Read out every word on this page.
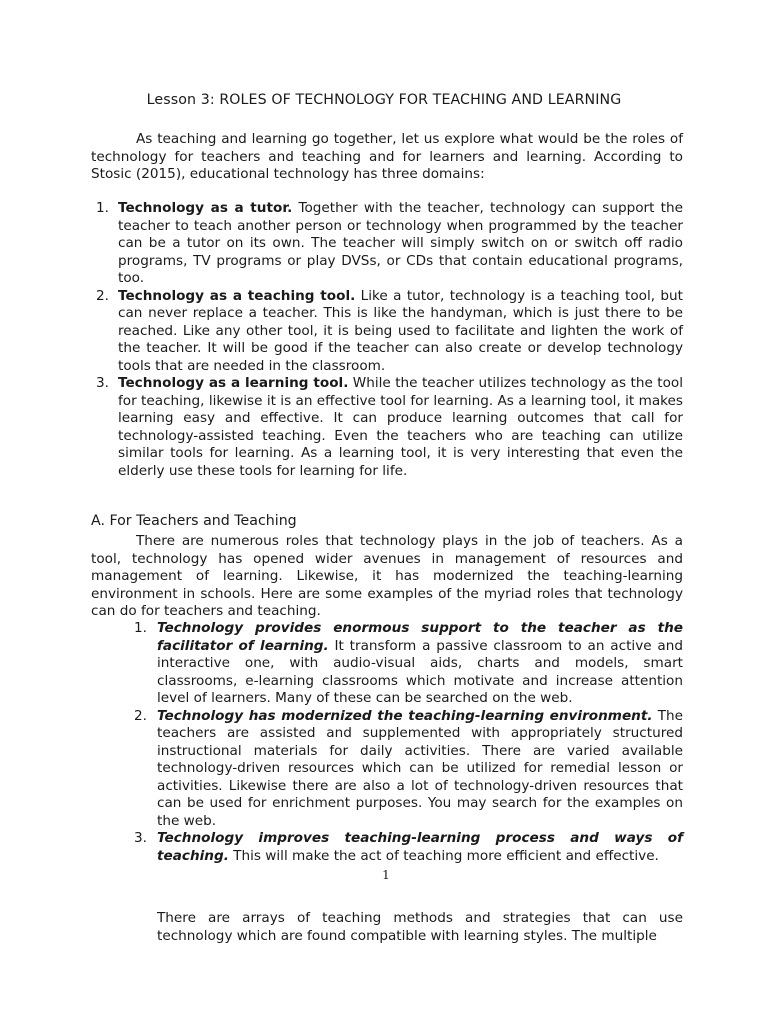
Lesson 3: ROLES OF TECHNOLOGY FOR TEACHING AND LEARNING

As teaching and learning go together, let us explore what would be the roles of technology for teachers and teaching and for learners and learning. According to Stosic (2015), educational technology has three domains:

1. Technology as a tutor. Together with the teacher, technology can support the teacher to teach another person or technology when programmed by the teacher can be a tutor on its own. The teacher will simply switch on or switch off radio programs, TV programs or play DVSs, or CDs that contain educational programs, too.
2. Technology as a teaching tool. Like a tutor, technology is a teaching tool, but can never replace a teacher. This is like the handyman, which is just there to be reached. Like any other tool, it is being used to facilitate and lighten the work of the teacher. It will be good if the teacher can also create or develop technology tools that are needed in the classroom.
3. Technology as a learning tool. While the teacher utilizes technology as the tool for teaching, likewise it is an effective tool for learning. As a learning tool, it makes learning easy and effective. It can produce learning outcomes that call for technology-assisted teaching. Even the teachers who are teaching can utilize similar tools for learning. As a learning tool, it is very interesting that even the elderly use these tools for learning for life.
A. For Teachers and Teaching

There are numerous roles that technology plays in the job of teachers. As a tool, technology has opened wider avenues in management of resources and management of learning. Likewise, it has modernized the teaching-learning environment in schools. Here are some examples of the myriad roles that technology can do for teachers and teaching.

1. Technology provides enormous support to the teacher as the facilitator of learning. It transform a passive classroom to an active and interactive one, with audio-visual aids, charts and models, smart classrooms, e-learning classrooms which motivate and increase attention level of learners. Many of these can be searched on the web.
2. Technology has modernized the teaching-learning environment. The teachers are assisted and supplemented with appropriately structured instructional materials for daily activities. There are varied available technology-driven resources which can be utilized for remedial lesson or activities. Likewise there are also a lot of technology-driven resources that can be used for enrichment purposes. You may search for the examples on the web.
3. Technology improves teaching-learning process and ways of teaching. This will make the act of teaching more efficient and effective.
1

There are arrays of teaching methods and strategies that can use technology which are found compatible with learning styles. The multiple
